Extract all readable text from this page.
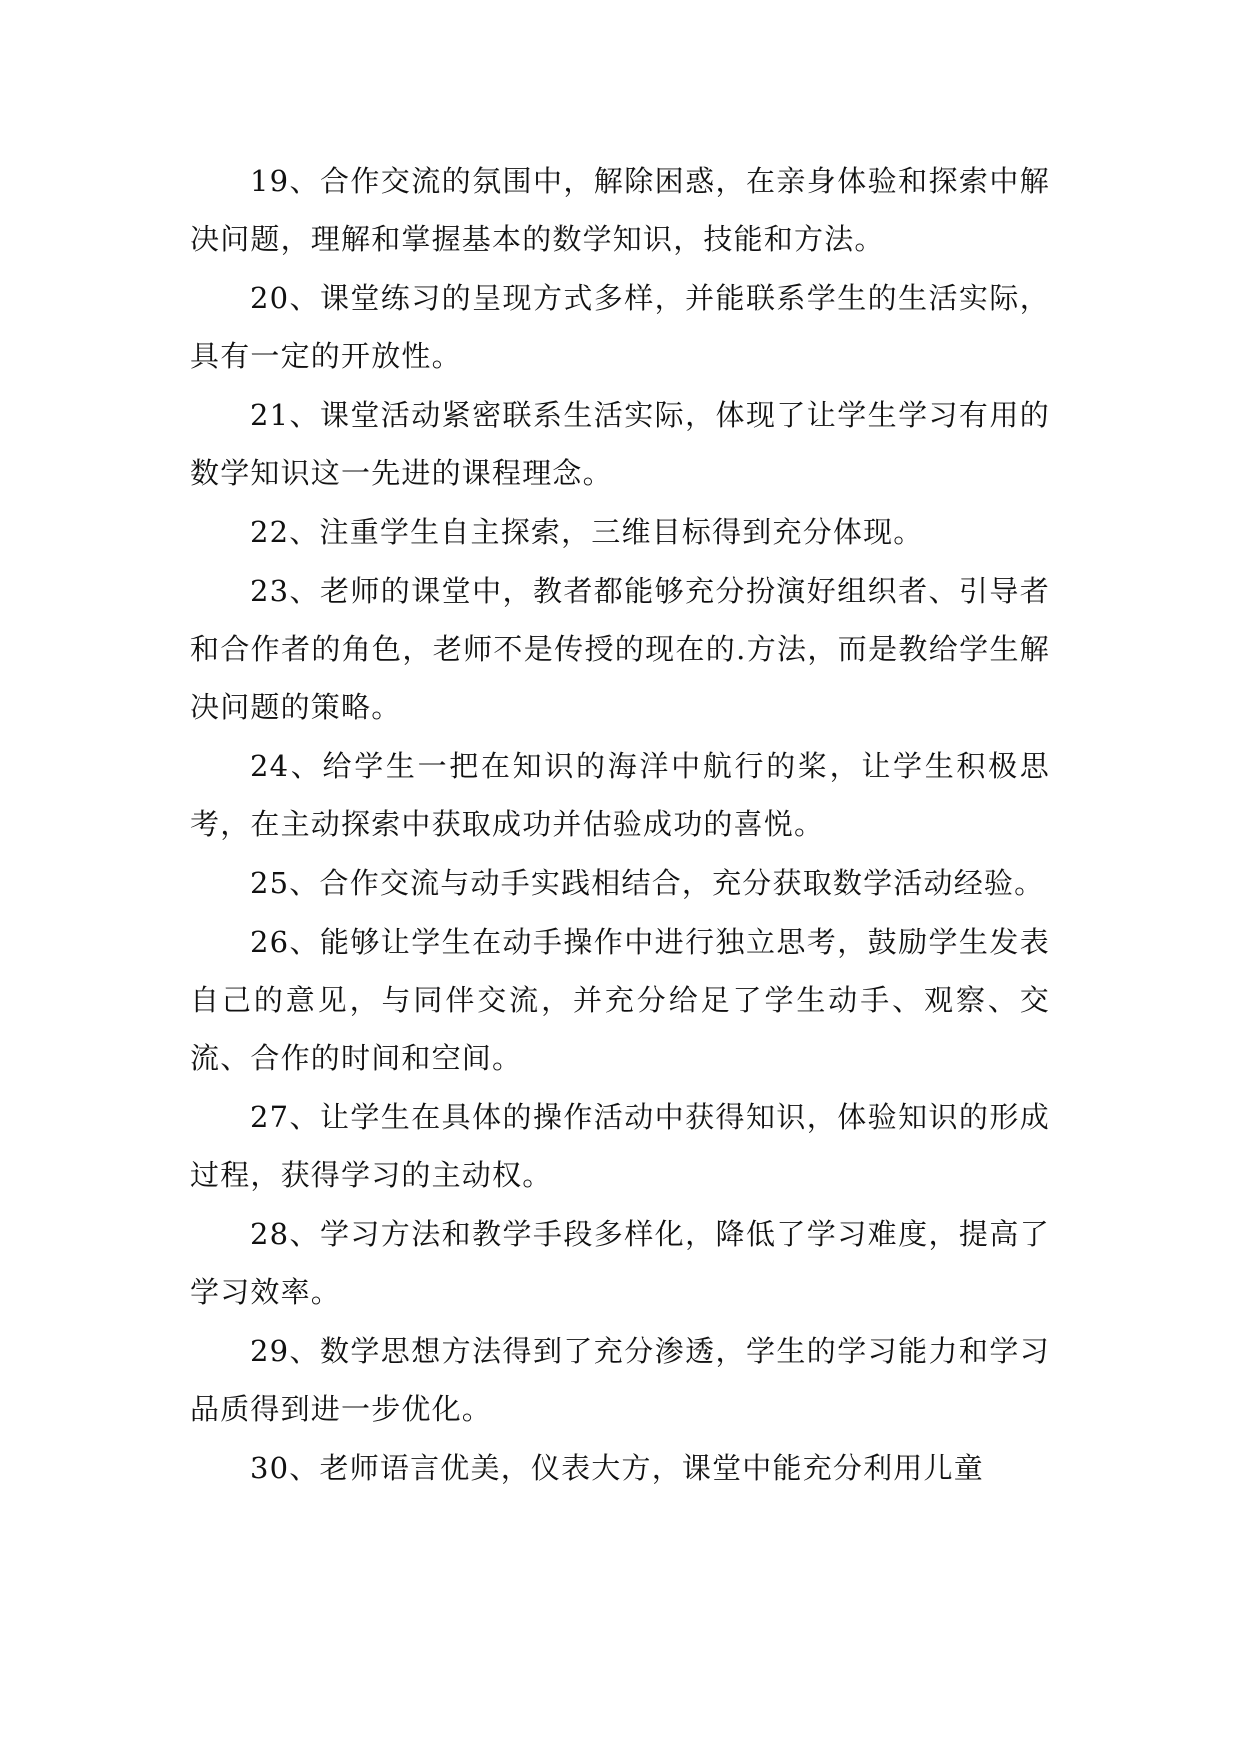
19、合作交流的氛围中，解除困惑，在亲身体验和探索中解决问题，理解和掌握基本的数学知识，技能和方法。

20、课堂练习的呈现方式多样，并能联系学生的生活实际，具有一定的开放性。

21、课堂活动紧密联系生活实际，体现了让学生学习有用的数学知识这一先进的课程理念。

22、注重学生自主探索，三维目标得到充分体现。

23、老师的课堂中，教者都能够充分扮演好组织者、引导者和合作者的角色，老师不是传授的现在的.方法，而是教给学生解决问题的策略。

24、给学生一把在知识的海洋中航行的桨，让学生积极思考，在主动探索中获取成功并估验成功的喜悦。

25、合作交流与动手实践相结合，充分获取数学活动经验。

26、能够让学生在动手操作中进行独立思考，鼓励学生发表自己的意见，与同伴交流，并充分给足了学生动手、观察、交流、合作的时间和空间。

27、让学生在具体的操作活动中获得知识，体验知识的形成过程，获得学习的主动权。

28、学习方法和教学手段多样化，降低了学习难度，提高了学习效率。

29、数学思想方法得到了充分渗透，学生的学习能力和学习品质得到进一步优化。

30、老师语言优美，仪表大方，课堂中能充分利用儿童
